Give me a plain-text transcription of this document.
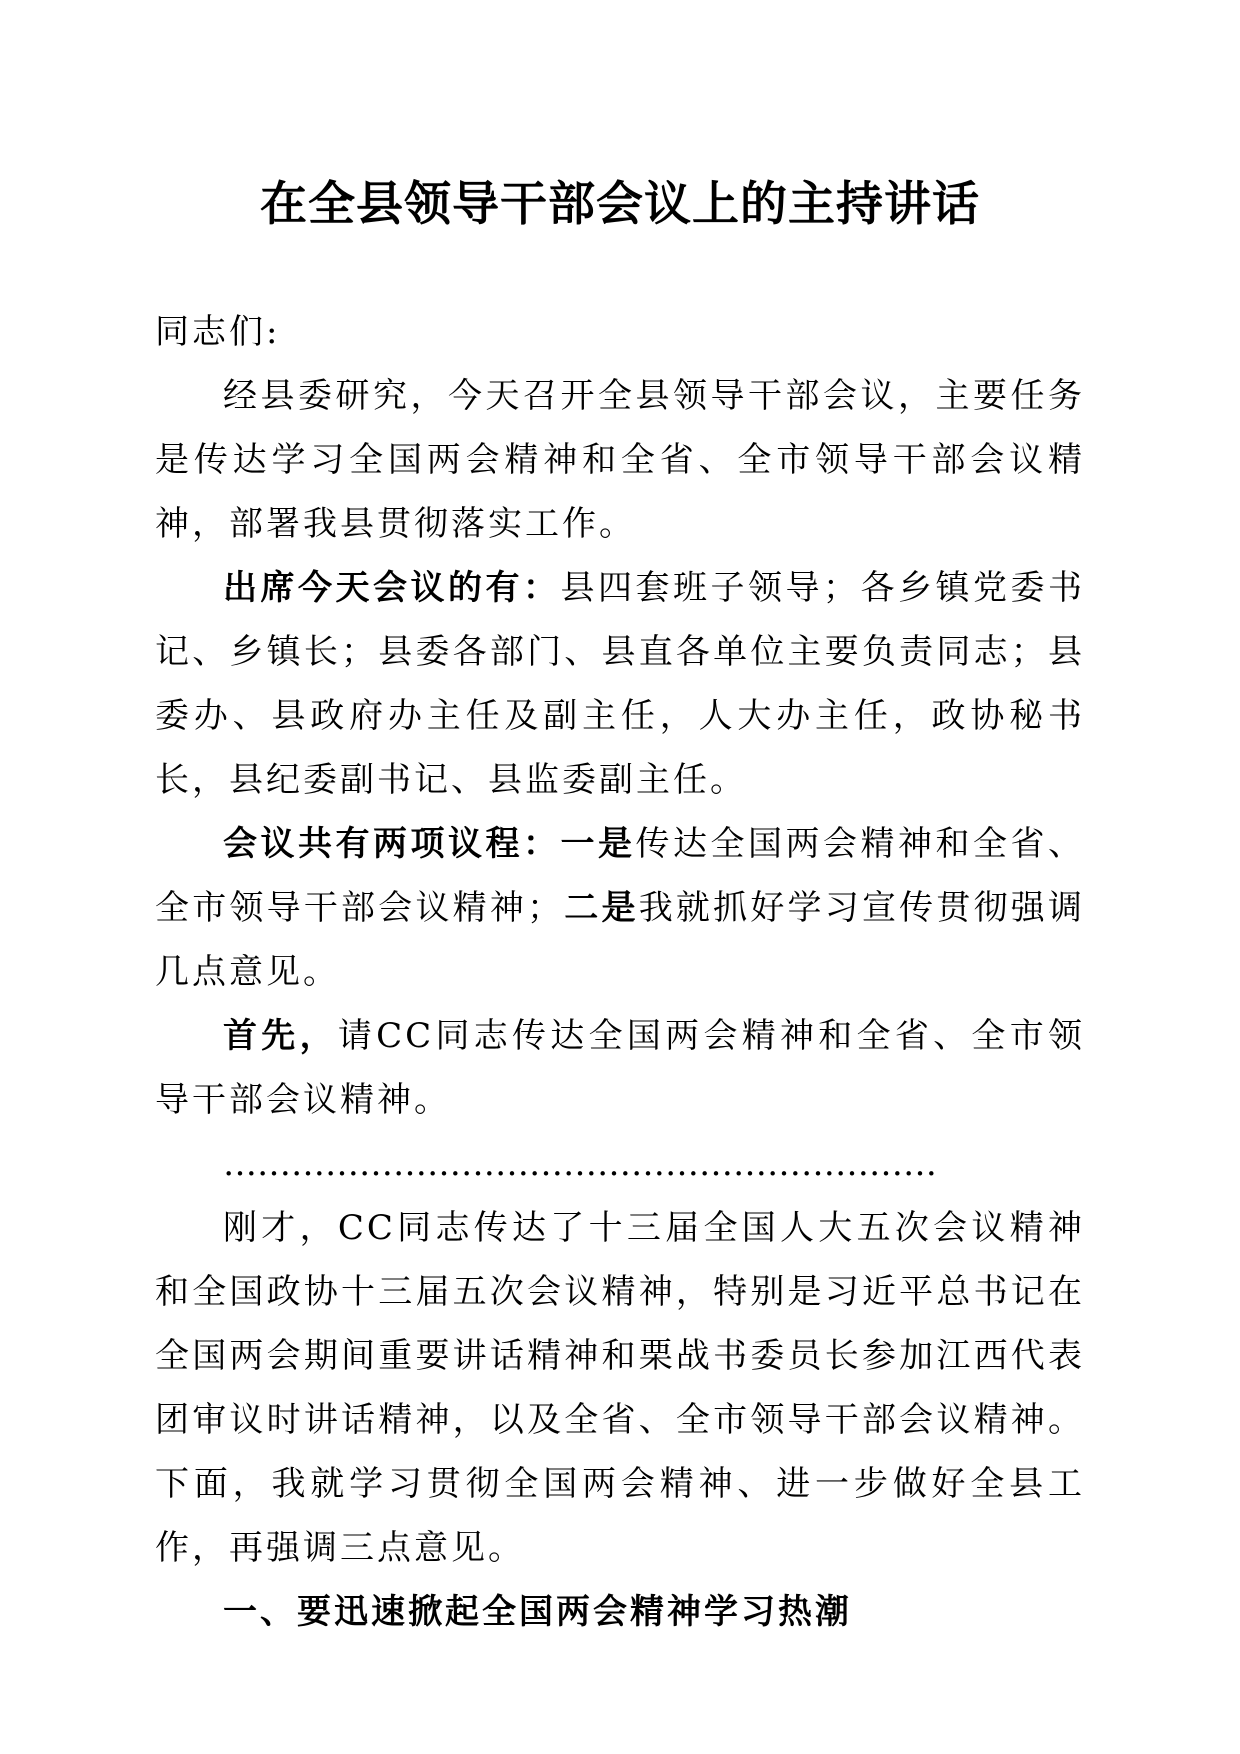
在全县领导干部会议上的主持讲话

同志们:

经县委研究，今天召开全县领导干部会议，主要任务是传达学习全国两会精神和全省、全市领导干部会议精神，部署我县贯彻落实工作。

出席今天会议的有：县四套班子领导；各乡镇党委书记、乡镇长；县委各部门、县直各单位主要负责同志；县委办、县政府办主任及副主任，人大办主任，政协秘书长，县纪委副书记、县监委副主任。

会议共有两项议程：一是传达全国两会精神和全省、全市领导干部会议精神；二是我就抓好学习宣传贯彻强调几点意见。

首先，请CC同志传达全国两会精神和全省、全市领导干部会议精神。

………………………………………………………

刚才，CC同志传达了十三届全国人大五次会议精神和全国政协十三届五次会议精神，特别是习近平总书记在全国两会期间重要讲话精神和栗战书委员长参加江西代表团审议时讲话精神，以及全省、全市领导干部会议精神。下面，我就学习贯彻全国两会精神、进一步做好全县工作，再强调三点意见。

一、要迅速掀起全国两会精神学习热潮
